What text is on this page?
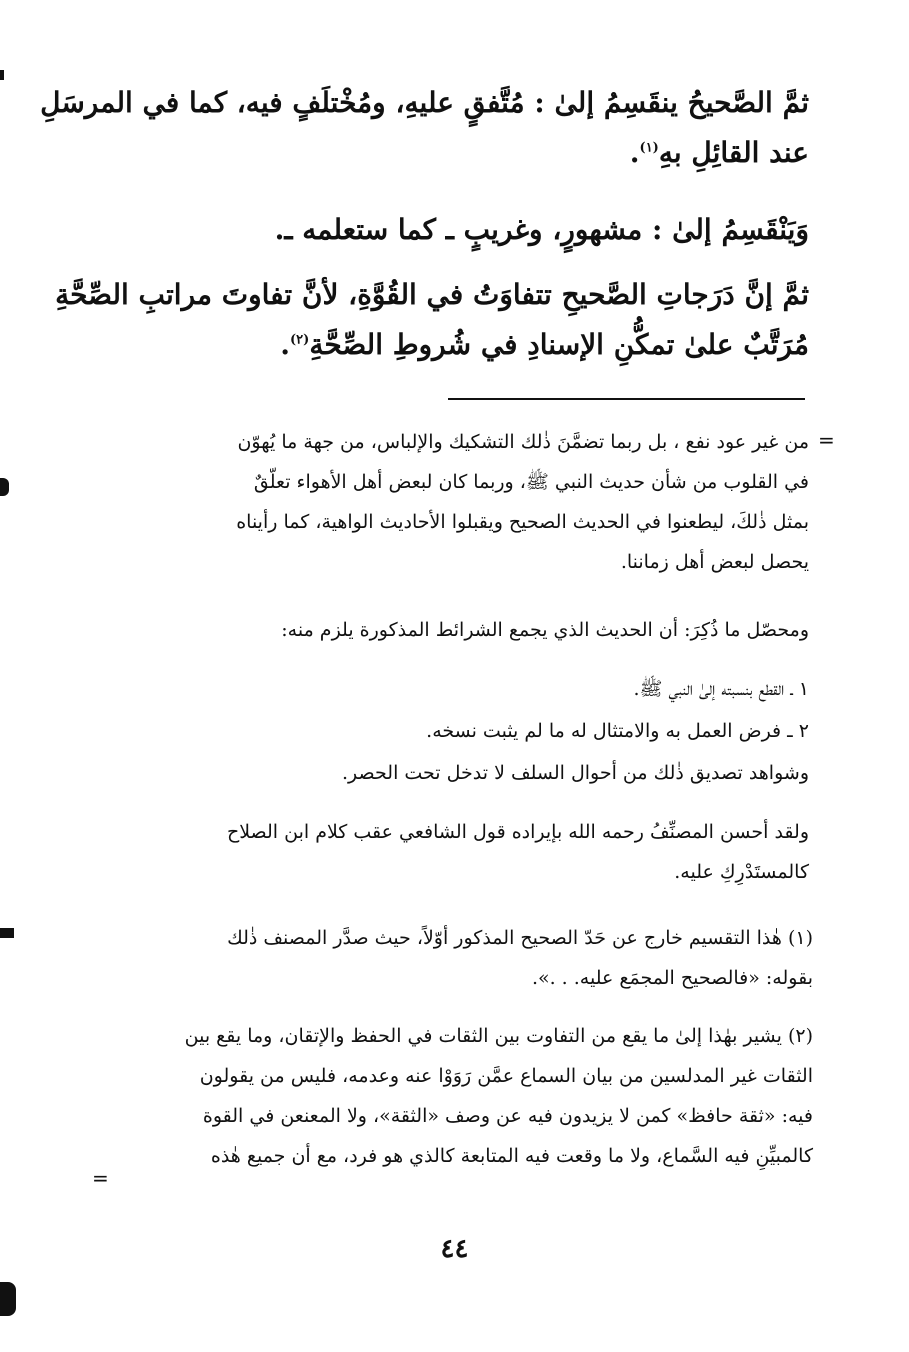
ثمَّ الصَّحيحُ ينقَسِمُ إلىٰ : مُتَّفقٍ عليهِ، ومُخْتلَفٍ فيه، كما في المرسَلِ
عند القائِلِ بهِ$^{(١)}$.
وَيَنْقَسِمُ إلىٰ : مشهورٍ، وغريبٍ ـ كما ستعلمه ـ.
ثمَّ إنَّ دَرَجاتِ الصَّحيحِ تتفاوَتُ في القُوَّةِ، لأنَّ تفاوتَ مراتبِ الصِّحَّةِ
مُرَتَّبٌ علىٰ تمكُّنِ الإسنادِ في شُروطِ الصِّحَّةِ$^{(٢)}$.
=
=
من غير عود نفع ، بل ربما تضمَّنَ ذٰلك التشكيك والإلباس، من جهة ما يُهوّن
في القلوب من شأن حديث النبي ﷺ، وربما كان لبعض أهل الأهواء تعلّقٌ
بمثل ذٰلكَ، ليطعنوا في الحديث الصحيح ويقبلوا الأحاديث الواهية، كما رأيناه
يحصل لبعض أهل زماننا.
ومحصّل ما ذُكِرَ: أن الحديث الذي يجمع الشرائط المذكورة يلزم منه:
١ ـ القطع بنسبته إلىٰ النبي ﷺ.
٢ ـ فرض العمل به والامتثال له ما لم يثبت نسخه.
وشواهد تصديق ذٰلك من أحوال السلف لا تدخل تحت الحصر.
ولقد أحسن المصنِّفُ رحمه الله بإيراده قول الشافعي عقب كلام ابن الصلاح
كالمستَدْرِكِ عليه.
(١) هٰذا التقسيم خارج عن حَدّ الصحيح المذكور أوّلاً، حيث صدَّر المصنف ذٰلك
بقوله: «فالصحيح المجمَع عليه. . .».
(٢) يشير بهٰذا إلىٰ ما يقع من التفاوت بين الثقات في الحفظ والإتقان، وما يقع بين
الثقات غير المدلسين من بيان السماع عمَّن رَوَوْا عنه وعدمه، فليس من يقولون
فيه: «ثقة حافظ» كمن لا يزيدون فيه عن وصف «الثقة»، ولا المعنعن في القوة
كالمبيِّنِ فيه السَّماع، ولا ما وقعت فيه المتابعة كالذي هو فرد، مع أن جميع هٰذه
٤٤
